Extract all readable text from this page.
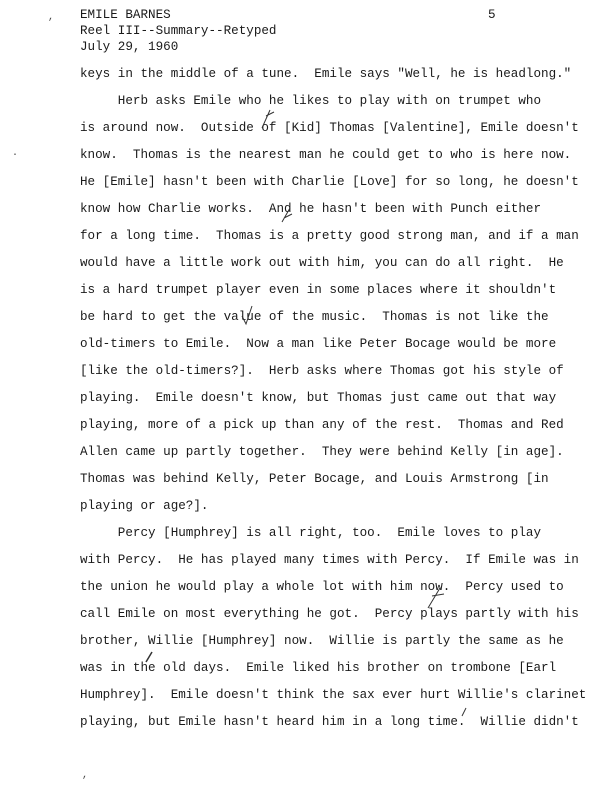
EMILE BARNES
Reel III--Summary--Retyped
July 29, 1960
5
,
·
,
keys in the middle of a tune.  Emile says "Well, he is headlong."
Herb asks Emile who he likes to play with on trumpet who
is around now.  Outside of [Kid] Thomas [Valentine], Emile doesn't
know.  Thomas is the nearest man he could get to who is here now.
He [Emile] hasn't been with Charlie [Love] for so long, he doesn't
know how Charlie works.  And he hasn't been with Punch either
for a long time.  Thomas is a pretty good strong man, and if a man
would have a little work out with him, you can do all right.  He
is a hard trumpet player even in some places where it shouldn't
be hard to get the value of the music.  Thomas is not like the
old-timers to Emile.  Now a man like Peter Bocage would be more
[like the old-timers?].  Herb asks where Thomas got his style of
playing.  Emile doesn't know, but Thomas just came out that way
playing, more of a pick up than any of the rest.  Thomas and Red
Allen came up partly together.  They were behind Kelly [in age].
Thomas was behind Kelly, Peter Bocage, and Louis Armstrong [in
playing or age?].
Percy [Humphrey] is all right, too.  Emile loves to play
with Percy.  He has played many times with Percy.  If Emile was in
the union he would play a whole lot with him now.  Percy used to
call Emile on most everything he got.  Percy plays partly with his
brother, Willie [Humphrey] now.  Willie is partly the same as he
was in the old days.  Emile liked his brother on trombone [Earl
Humphrey].  Emile doesn't think the sax ever hurt Willie's clarinet
playing, but Emile hasn't heard him in a long time.  Willie didn't
